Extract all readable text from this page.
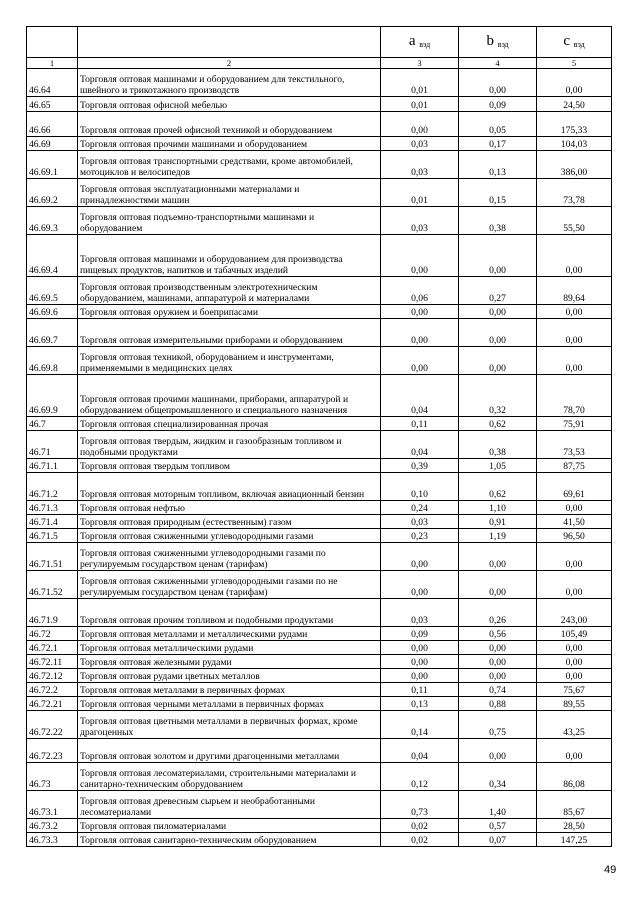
		a $_{вэд}$	b $_{вэд}$	c $_{вэд}$
1	2	3	4	5
46.64	Торговля оптовая машинами и оборудованием для текстильного, швейного и трикотажного производств	0,01	0,00	0,00
46.65	Торговля оптовая офисной мебелью	0,01	0,09	24,50
46.66	Торговля оптовая прочей офисной техникой и оборудованием	0,00	0,05	175,33
46.69	Торговля оптовая прочими машинами и оборудованием	0,03	0,17	104,03
46.69.1	Торговля оптовая транспортными средствами, кроме автомобилей, мотоциклов и велосипедов	0,03	0,13	386,00
46.69.2	Торговля оптовая эксплуатационными материалами и принадлежностями машин	0,01	0,15	73,78
46.69.3	Торговля оптовая подъемно-транспортными машинами и оборудованием	0,03	0,38	55,50
46.69.4	Торговля оптовая машинами и оборудованием для производства пищевых продуктов, напитков и табачных изделий	0,00	0,00	0,00
46.69.5	Торговля оптовая производственным электротехническим оборудованием, машинами, аппаратурой и материалами	0,06	0,27	89,64
46.69.6	Торговля оптовая оружием и боеприпасами	0,00	0,00	0,00
46.69.7	Торговля оптовая измерительными приборами и оборудованием	0,00	0,00	0,00
46.69.8	Торговля оптовая техникой, оборудованием и инструментами, применяемыми в медицинских целях	0,00	0,00	0,00
46.69.9	Торговля оптовая прочими машинами, приборами, аппаратурой и оборудованием общепромышленного и специального назначения	0,04	0,32	78,70
46.7	Торговля оптовая специализированная прочая	0,11	0,62	75,91
46.71	Торговля оптовая твердым, жидким и газообразным топливом и подобными продуктами	0,04	0,38	73,53
46.71.1	Торговля оптовая твердым топливом	0,39	1,05	87,75
46.71.2	Торговля оптовая моторным топливом, включая авиационный бензин	0,10	0,62	69,61
46.71.3	Торговля оптовая нефтью	0,24	1,10	0,00
46.71.4	Торговля оптовая природным (естественным) газом	0,03	0,91	41,50
46.71.5	Торговля оптовая сжиженными углеводородными газами	0,23	1,19	96,50
46.71.51	Торговля оптовая сжиженными углеводородными газами по регулируемым государством ценам (тарифам)	0,00	0,00	0,00
46.71.52	Торговля оптовая сжиженными углеводородными газами по не регулируемым государством ценам (тарифам)	0,00	0,00	0,00
46.71.9	Торговля оптовая прочим топливом и подобными продуктами	0,03	0,26	243,00
46.72	Торговля оптовая металлами и металлическими рудами	0,09	0,56	105,49
46.72.1	Торговля оптовая металлическими рудами	0,00	0,00	0,00
46.72.11	Торговля оптовая железными рудами	0,00	0,00	0,00
46.72.12	Торговля оптовая рудами цветных металлов	0,00	0,00	0,00
46.72.2	Торговля оптовая металлами в первичных формах	0,11	0,74	75,67
46.72.21	Торговля оптовая черными металлами в первичных формах	0,13	0,88	89,55
46.72.22	Торговля оптовая цветными металлами в первичных формах, кроме драгоценных	0,14	0,75	43,25
46.72.23	Торговля оптовая золотом и другими драгоценными металлами	0,04	0,00	0,00
46.73	Торговля оптовая лесоматериалами, строительными материалами и санитарно-техническим оборудованием	0,12	0,34	86,08
46.73.1	Торговля оптовая древесным сырьем и необработанными лесоматериалами	0,73	1,40	85,67
46.73.2	Торговля оптовая пиломатериалами	0,02	0,57	28,50
46.73.3	Торговля оптовая санитарно-техническим оборудованием	0,02	0,07	147,25
49
